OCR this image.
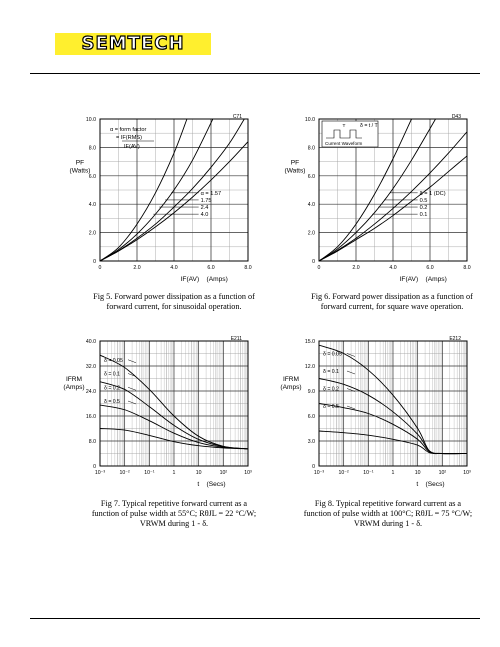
SEMTECH
0
2.0
4.0
6.0
8.0
10.0
0	2.0	4.0	6.0	8.0
PF
(Watts)
IF(AV) (Amps)
C71
α = 1.57
1.75
2.4
4.0
α = form factor
= IF(RMS)
IF(AV)
0
2.0
4.0
6.0
8.0
10.0
0	2.0	4.0	6.0	8.0
PF
(Watts)
IF(AV) (Amps)
D43
δ = 1 (DC)
0.5
0.2
0.1
T	δ = t / T
Current Waveform
0
8.0
16.0
24.0
32.0
40.0
10⁻³	10⁻²	10⁻¹	1	10	10²	10³
IFRM
(Amps)
t (Secs)
E211
δ = 0.05
δ = 0.1
δ = 0.2
δ = 0.5
0
3.0
6.0
9.0
12.0
15.0
10⁻³	10⁻²	10⁻¹	1	10	10²	10³
IFRM
(Amps)
t (Secs)
E212
δ = 0.05
δ = 0.1
δ = 0.2
δ = 0.5
Fig 5. Forward power dissipation as a function of
forward current, for sinusoidal operation.
Fig 6. Forward power dissipation as a function of
forward current, for square wave operation.
Fig 7. Typical repetitive forward current as a
function of pulse width at 55°C; RθJL = 22 °C/W;
VRWM during 1 - δ.
Fig 8. Typical repetitive forward current as a
function of pulse width at 100°C; RθJL = 75 °C/W;
VRWM during 1 - δ.
